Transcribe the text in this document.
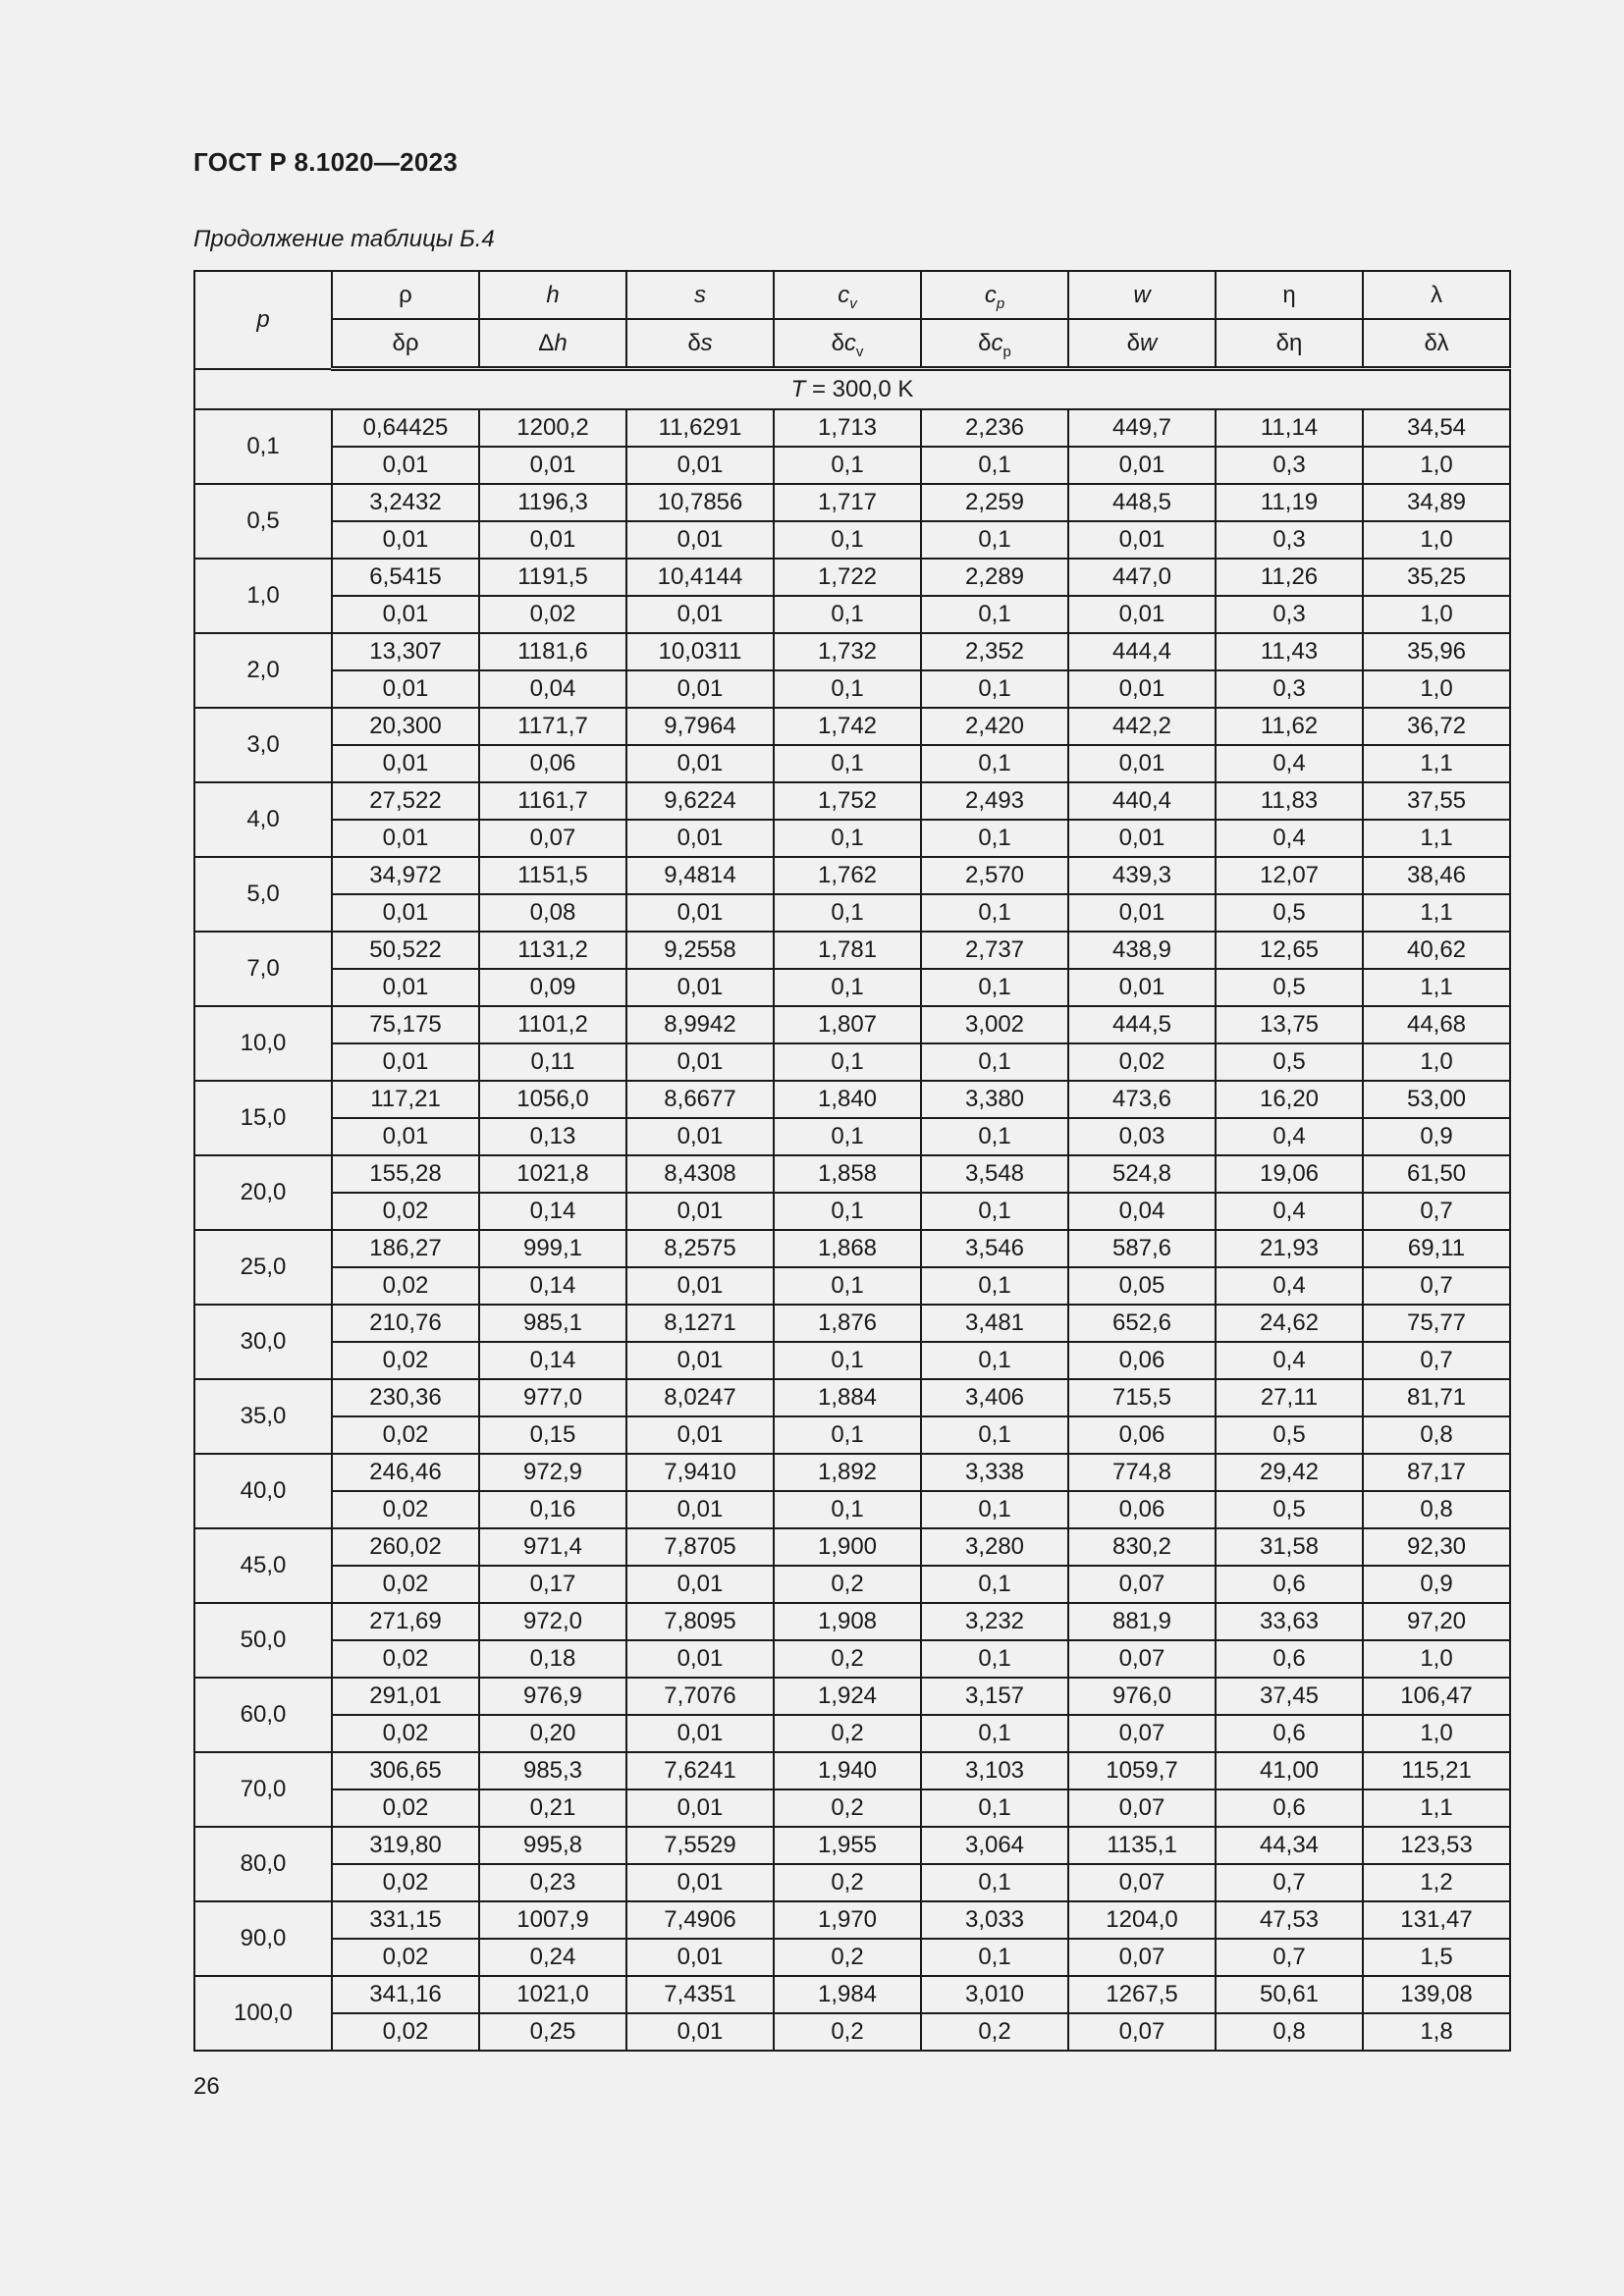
ГОСТ Р 8.1020—2023
Продолжение таблицы Б.4
p	ρ	h	s	$c_v$	$c_p$	w	η	λ
	δρ	Δh	δs	$\delta c_v$	$\delta c_p$	δw	δη	δλ
T = 300,0 K								
0,1	0,64425	1200,2	11,6291	1,713	2,236	449,7	11,14	34,54
	0,01	0,01	0,01	0,1	0,1	0,01	0,3	1,0
0,5	3,2432	1196,3	10,7856	1,717	2,259	448,5	11,19	34,89
	0,01	0,01	0,01	0,1	0,1	0,01	0,3	1,0
1,0	6,5415	1191,5	10,4144	1,722	2,289	447,0	11,26	35,25
	0,01	0,02	0,01	0,1	0,1	0,01	0,3	1,0
2,0	13,307	1181,6	10,0311	1,732	2,352	444,4	11,43	35,96
	0,01	0,04	0,01	0,1	0,1	0,01	0,3	1,0
3,0	20,300	1171,7	9,7964	1,742	2,420	442,2	11,62	36,72
	0,01	0,06	0,01	0,1	0,1	0,01	0,4	1,1
4,0	27,522	1161,7	9,6224	1,752	2,493	440,4	11,83	37,55
	0,01	0,07	0,01	0,1	0,1	0,01	0,4	1,1
5,0	34,972	1151,5	9,4814	1,762	2,570	439,3	12,07	38,46
	0,01	0,08	0,01	0,1	0,1	0,01	0,5	1,1
7,0	50,522	1131,2	9,2558	1,781	2,737	438,9	12,65	40,62
	0,01	0,09	0,01	0,1	0,1	0,01	0,5	1,1
10,0	75,175	1101,2	8,9942	1,807	3,002	444,5	13,75	44,68
	0,01	0,11	0,01	0,1	0,1	0,02	0,5	1,0
15,0	117,21	1056,0	8,6677	1,840	3,380	473,6	16,20	53,00
	0,01	0,13	0,01	0,1	0,1	0,03	0,4	0,9
20,0	155,28	1021,8	8,4308	1,858	3,548	524,8	19,06	61,50
	0,02	0,14	0,01	0,1	0,1	0,04	0,4	0,7
25,0	186,27	999,1	8,2575	1,868	3,546	587,6	21,93	69,11
	0,02	0,14	0,01	0,1	0,1	0,05	0,4	0,7
30,0	210,76	985,1	8,1271	1,876	3,481	652,6	24,62	75,77
	0,02	0,14	0,01	0,1	0,1	0,06	0,4	0,7
35,0	230,36	977,0	8,0247	1,884	3,406	715,5	27,11	81,71
	0,02	0,15	0,01	0,1	0,1	0,06	0,5	0,8
40,0	246,46	972,9	7,9410	1,892	3,338	774,8	29,42	87,17
	0,02	0,16	0,01	0,1	0,1	0,06	0,5	0,8
45,0	260,02	971,4	7,8705	1,900	3,280	830,2	31,58	92,30
	0,02	0,17	0,01	0,2	0,1	0,07	0,6	0,9
50,0	271,69	972,0	7,8095	1,908	3,232	881,9	33,63	97,20
	0,02	0,18	0,01	0,2	0,1	0,07	0,6	1,0
60,0	291,01	976,9	7,7076	1,924	3,157	976,0	37,45	106,47
	0,02	0,20	0,01	0,2	0,1	0,07	0,6	1,0
70,0	306,65	985,3	7,6241	1,940	3,103	1059,7	41,00	115,21
	0,02	0,21	0,01	0,2	0,1	0,07	0,6	1,1
80,0	319,80	995,8	7,5529	1,955	3,064	1135,1	44,34	123,53
	0,02	0,23	0,01	0,2	0,1	0,07	0,7	1,2
90,0	331,15	1007,9	7,4906	1,970	3,033	1204,0	47,53	131,47
	0,02	0,24	0,01	0,2	0,1	0,07	0,7	1,5
100,0	341,16	1021,0	7,4351	1,984	3,010	1267,5	50,61	139,08
	0,02	0,25	0,01	0,2	0,2	0,07	0,8	1,8
26
